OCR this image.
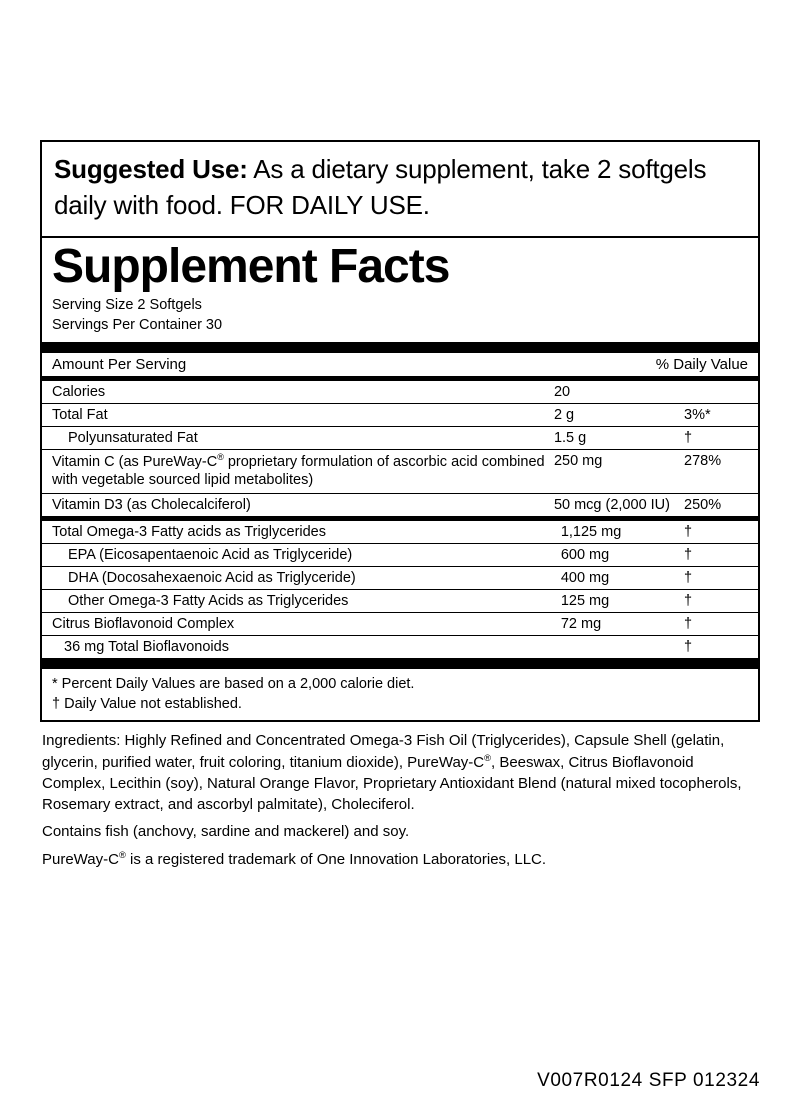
Suggested Use: As a dietary supplement, take 2 softgels daily with food. FOR DAILY USE.
Supplement Facts
Serving Size 2 Softgels
Servings Per Container 30
Amount Per Serving	% Daily Value
Calories	20	
Total Fat	2 g	3%*
Polyunsaturated Fat	1.5 g	†
Vitamin C (as PureWay-C® proprietary formulation of ascorbic acid combined with vegetable sourced lipid metabolites)	250 mg	278%
Vitamin D3 (as Cholecalciferol)	50 mcg (2,000 IU)	250%
Total Omega-3 Fatty acids as Triglycerides	1,125 mg	†
EPA (Eicosapentaenoic Acid as Triglyceride)	600 mg	†
DHA (Docosahexaenoic Acid as Triglyceride)	400 mg	†
Other Omega-3 Fatty Acids as Triglycerides	125 mg	†
Citrus Bioflavonoid Complex	72 mg	†
36 mg Total Bioflavonoids		†
* Percent Daily Values are based on a 2,000 calorie diet.
† Daily Value not established.

Ingredients: Highly Refined and Concentrated Omega-3 Fish Oil (Triglycerides), Capsule Shell (gelatin, glycerin, purified water, fruit coloring, titanium dioxide), PureWay-C®, Beeswax, Citrus Bioflavonoid Complex, Lecithin (soy), Natural Orange Flavor, Proprietary Antioxidant Blend (natural mixed tocopherols, Rosemary extract, and ascorbyl palmitate), Choleciferol.

Contains fish (anchovy, sardine and mackerel) and soy.

PureWay-C® is a registered trademark of One Innovation Laboratories, LLC.

V007R0124 SFP 012324
